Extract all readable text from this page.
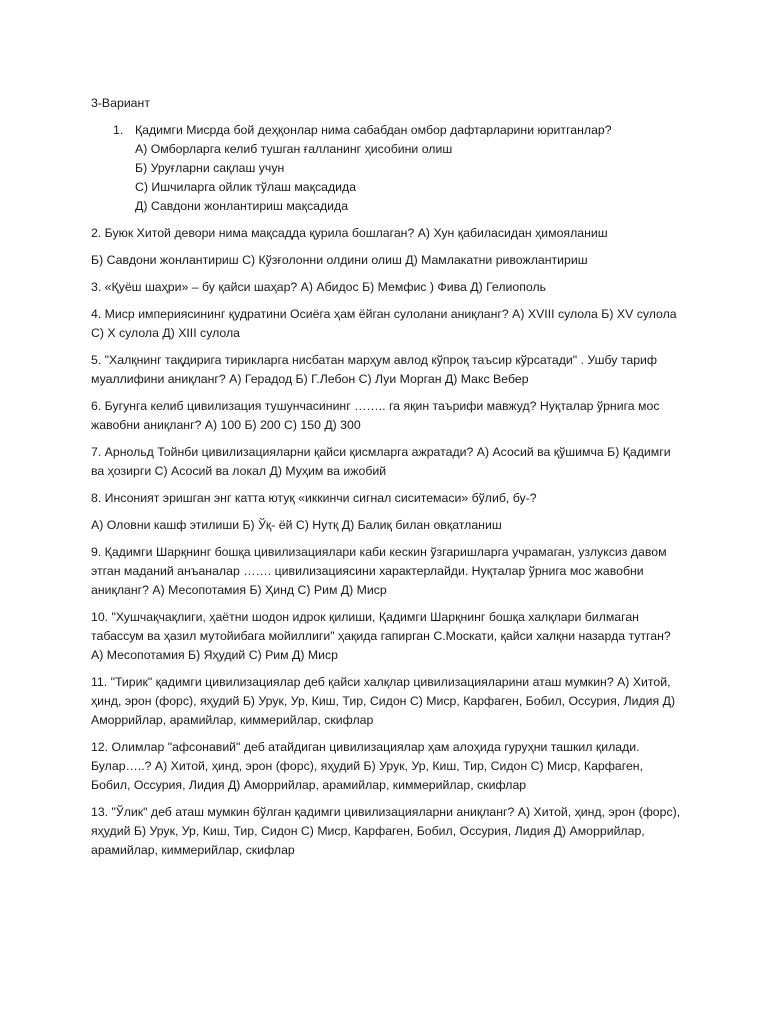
3-Вариант

1. Қадимги Мисрда бой деҳқонлар нима сабабдан омбор дафтарларини юритганлар?

А) Омборларга келиб тушган ғалланинг ҳисобини олиш

Б) Уруғларни сақлаш учун

С) Ишчиларга ойлик тўлаш мақсадида

Д) Савдони жонлантириш мақсадида

2. Буюк Хитой девори нима мақсадда қурила бошлаган? А) Хун қабиласидан ҳимояланиш

Б) Савдони жонлантириш С) Кўзғолонни олдини олиш Д) Мамлакатни ривожлантириш

3. «Қуёш шаҳри» – бу қайси шаҳар? А) Абидос Б) Мемфис ) Фива Д) Гелиополь

4. Миср империясининг қудратини Осиёга ҳам ёйган сулолани аниқланг? А) XVIII сулола Б) XV сулола С) X сулола Д) XIII сулола

5. "Халқнинг тақдирига тирикларга нисбатан марҳум авлод кўпроқ таъсир кўрсатади" . Ушбу тариф муаллифини аниқланг? А) Герадод Б) Г.Лебон С) Луи Морган Д) Макс Вебер

6. Бугунга келиб цивилизация тушунчасининг …….. га яқин таърифи мавжуд? Нуқталар ўрнига мос жавобни аниқланг? А) 100 Б) 200 С) 150 Д) 300

7. Арнольд Тойнби цивилизацияларни қайси қисмларга ажратади? А) Асосий ва қўшимча Б) Қадимги ва ҳозирги С) Асосий ва локал Д) Муҳим ва ижобий

8. Инсоният эришган энг катта ютуқ «иккинчи сигнал сиситемаси» бўлиб, бу-?

А) Оловни кашф этилиши Б) Ўқ- ёй С) Нутқ Д) Балиқ билан овқатланиш

9. Қадимги Шарқнинг бошқа цивилизациялари каби кескин ўзгаришларга учрамаган, узлуксиз давом этган маданий анъаналар ……. цивилизациясини характерлайди. Нуқталар ўрнига мос жавобни аниқланг? А) Месопотамия Б) Ҳинд С) Рим Д) Миср

10. "Хушчақчақлиги, ҳаётни шодон идрок қилиши, Қадимги Шарқнинг бошқа халқлари билмаган табассум ва ҳазил мутойибага мойиллиги" ҳақида гапирган С.Москати, қайси халқни назарда тутган? А) Месопотамия Б) Яҳудий С) Рим Д) Миср

11. "Тирик" қадимги цивилизациялар деб қайси халқлар цивилизацияларини аташ мумкин? А) Хитой, ҳинд, эрон (форс), яҳудий Б) Урук, Ур, Киш, Тир, Сидон С) Миср, Карфаген, Бобил, Оссурия, Лидия Д) Аморрийлар, арамийлар, киммерийлар, скифлар

12. Олимлар "афсонавий" деб атайдиган цивилизациялар ҳам алоҳида гуруҳни ташкил қилади. Булар…..? А) Хитой, ҳинд, эрон (форс), яҳудий Б) Урук, Ур, Киш, Тир, Сидон С) Миср, Карфаген, Бобил, Оссурия, Лидия Д) Аморрийлар, арамийлар, киммерийлар, скифлар

13. "Ўлик" деб аташ мумкин бўлган қадимги цивилизацияларни аниқланг? А) Хитой, ҳинд, эрон (форс), яҳудий Б) Урук, Ур, Киш, Тир, Сидон С) Миср, Карфаген, Бобил, Оссурия, Лидия Д) Аморрийлар, арамийлар, киммерийлар, скифлар
